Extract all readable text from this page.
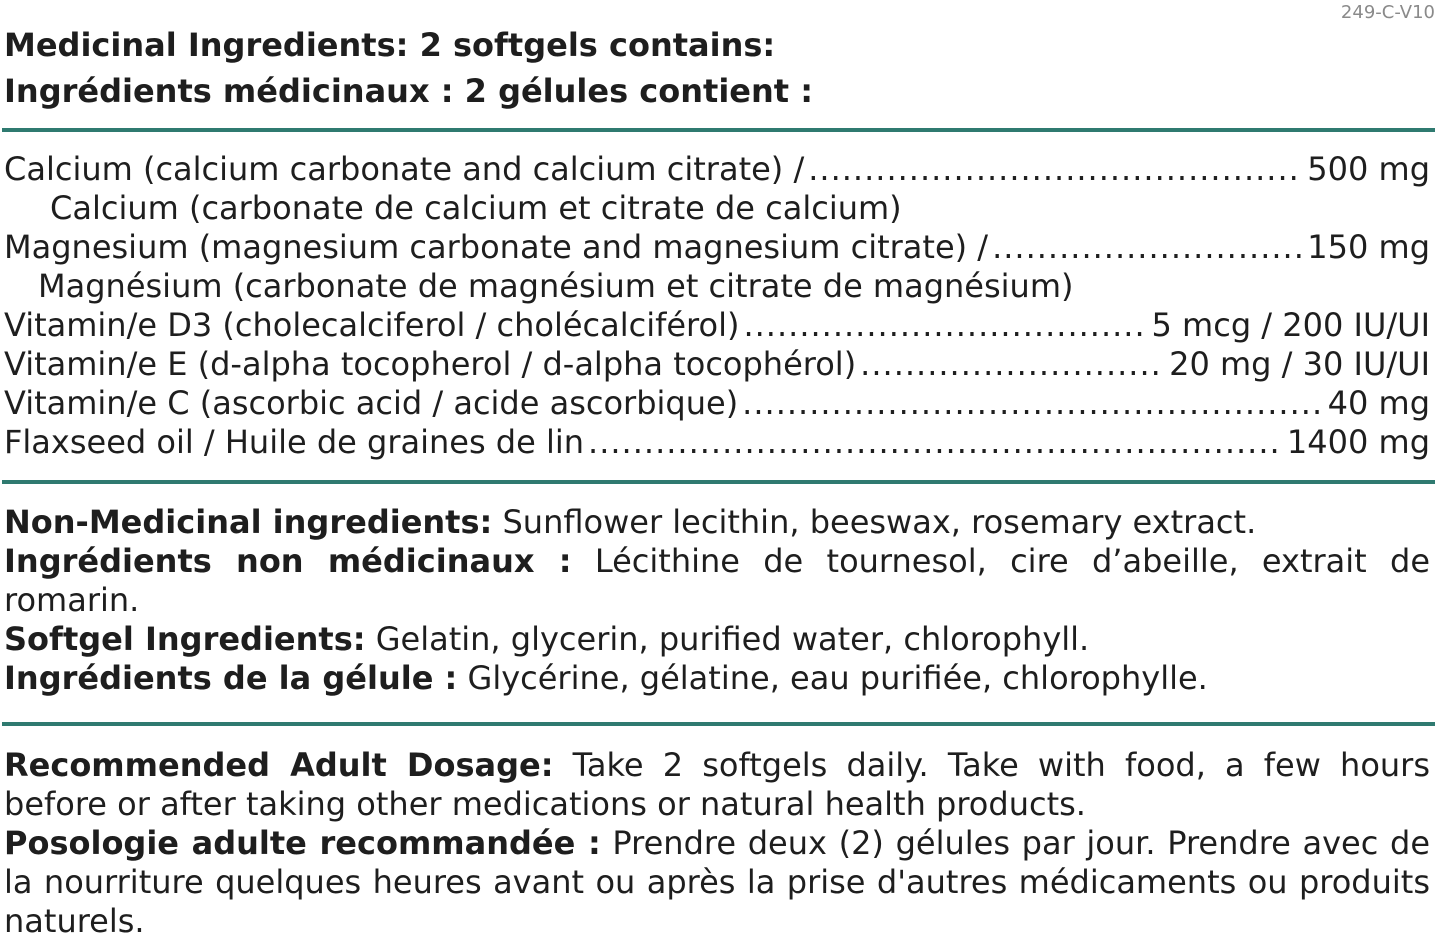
249-C-V10
Medicinal Ingredients: 2 softgels contains:
Ingrédients médicinaux : 2 gélules contient :
Calcium (calcium carbonate and calcium citrate) / .....	500 mg
Calcium (carbonate de calcium et citrate de calcium)
Magnesium (magnesium carbonate and magnesium citrate) / .....	150 mg
Magnésium (carbonate de magnésium et citrate de magnésium)
Vitamin/e D3 (cholecalciferol / cholécalciférol) .....	5 mcg / 200 IU/UI
Vitamin/e E (d-alpha tocopherol / d-alpha tocophérol) .....	20 mg / 30 IU/UI
Vitamin/e C (ascorbic acid / acide ascorbique) .....	40 mg
Flaxseed oil / Huile de graines de lin .....	1400 mg
Non-Medicinal ingredients: Sunflower lecithin, beeswax, rosemary extract.
Ingrédients non médicinaux : Lécithine de tournesol, cire d’abeille, extrait de romarin.
Softgel Ingredients: Gelatin, glycerin, purified water, chlorophyll.
Ingrédients de la gélule : Glycérine, gélatine, eau purifiée, chlorophylle.
Recommended Adult Dosage: Take 2 softgels daily. Take with food, a few hours before or after taking other medications or natural health products.
Posologie adulte recommandée : Prendre deux (2) gélules par jour. Prendre avec de la nourriture quelques heures avant ou après la prise d'autres médicaments ou produits naturels.
